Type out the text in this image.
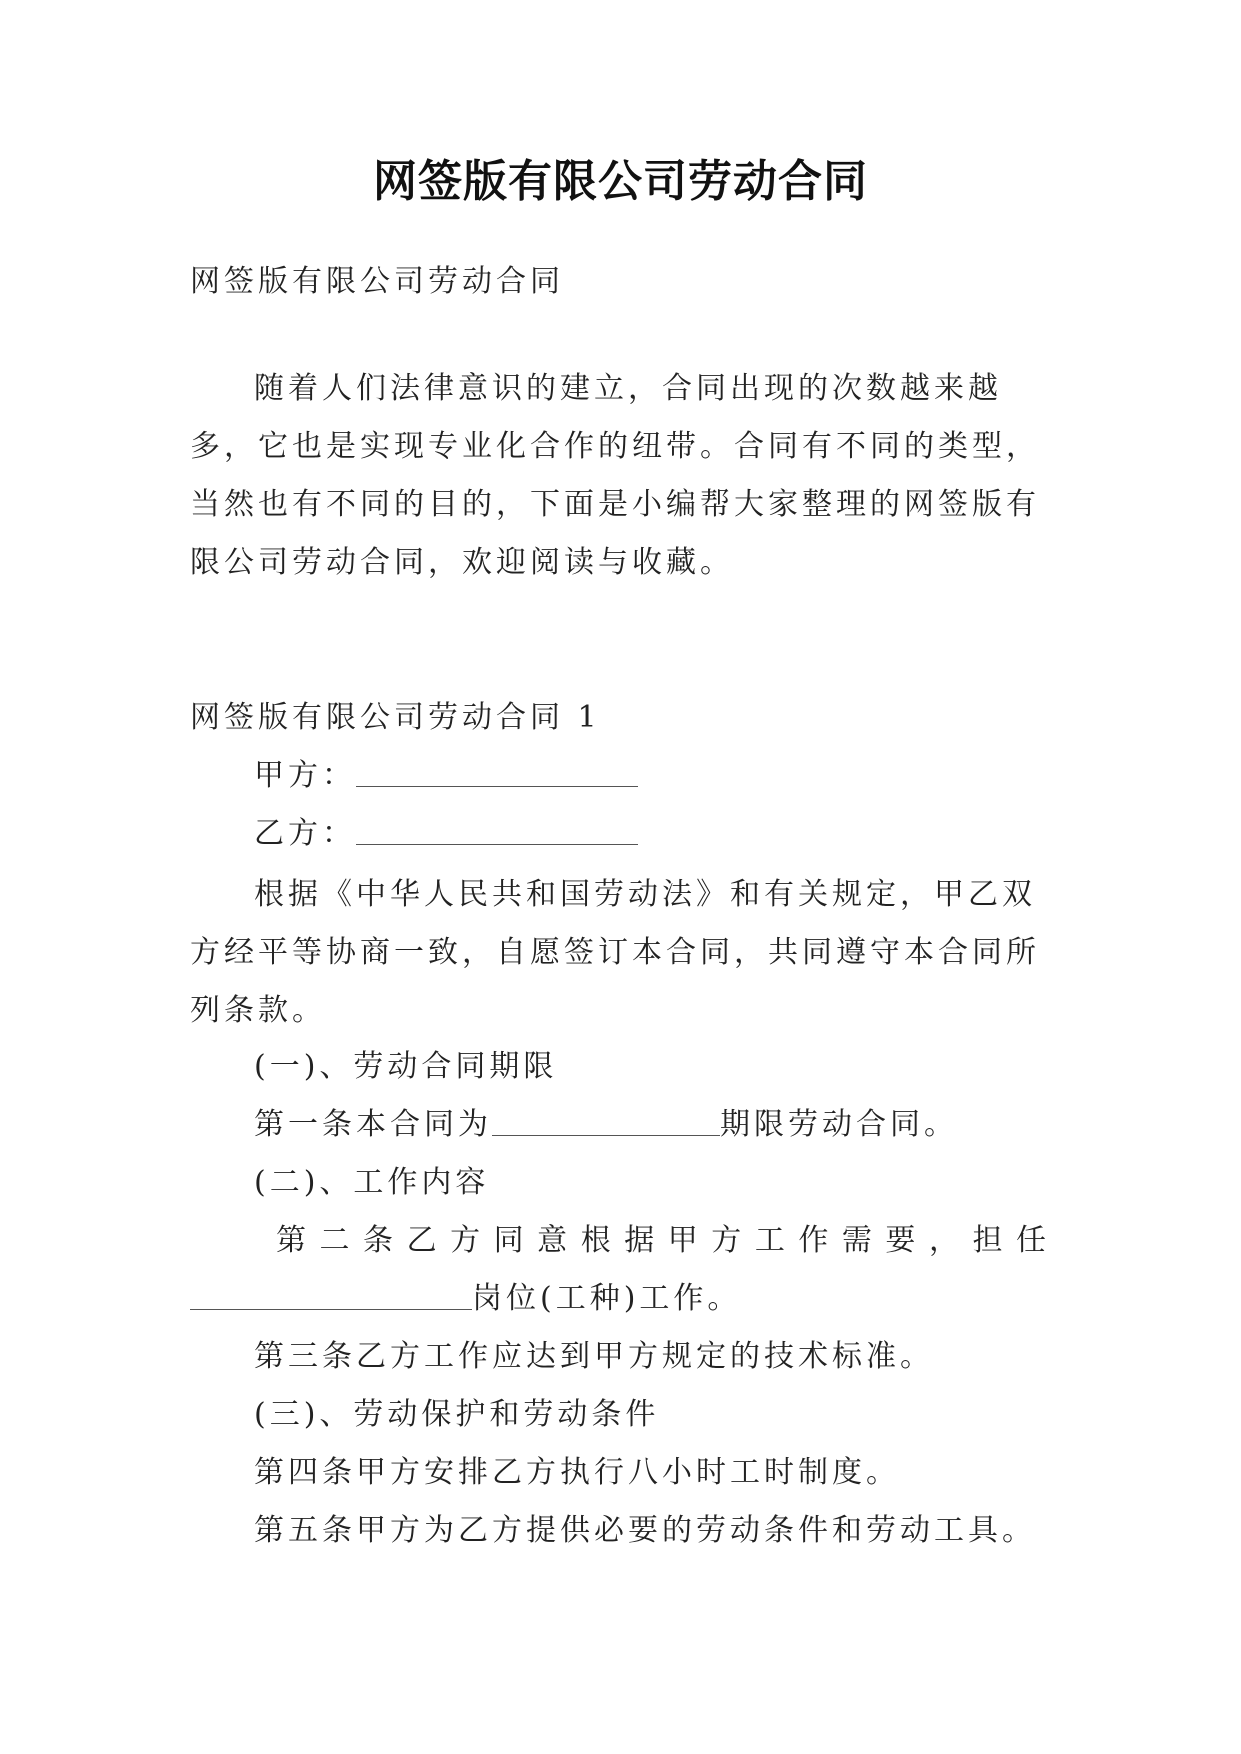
网签版有限公司劳动合同
网签版有限公司劳动合同
随着人们法律意识的建立，合同出现的次数越来越多，它也是实现专业化合作的纽带。合同有不同的类型，当然也有不同的目的，下面是小编帮大家整理的网签版有限公司劳动合同，欢迎阅读与收藏。
网签版有限公司劳动合同 1
甲方：
乙方：
根据《中华人民共和国劳动法》和有关规定，甲乙双方经平等协商一致，自愿签订本合同，共同遵守本合同所列条款。
(一)、劳动合同期限
第一条本合同为	期限劳动合同。
(二)、工作内容
第二条乙方同意根据甲方工作需要，担任
岗位(工种)工作。
第三条乙方工作应达到甲方规定的技术标准。
(三)、劳动保护和劳动条件
第四条甲方安排乙方执行八小时工时制度。
第五条甲方为乙方提供必要的劳动条件和劳动工具。
